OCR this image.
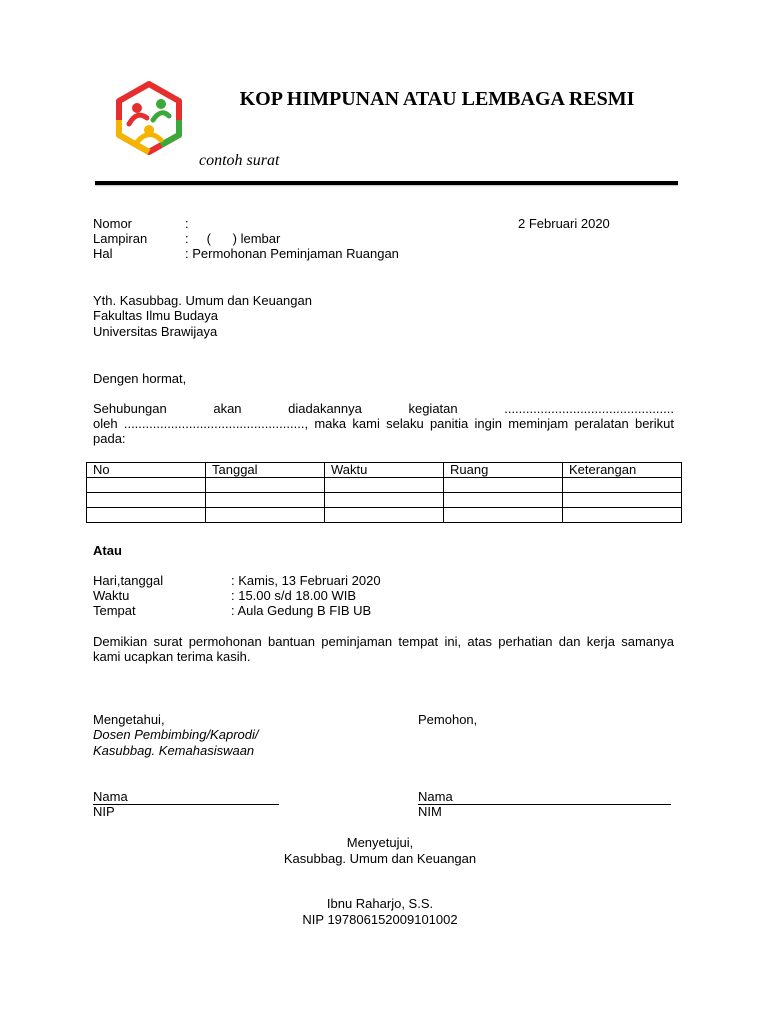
KOP HIMPUNAN ATAU LEMBAGA RESMI
contoh surat
Nomor	:	2 Februari 2020
Lampiran	:     (      ) lembar
Hal	: Permohonan Peminjaman Ruangan
Yth. Kasubbag. Umum dan Keuangan
Fakultas Ilmu Budaya
Universitas Brawijaya
Dengen hormat,
Sehubungan	akan	diadakannya	kegiatan	...............................................
oleh .................................................., maka kami selaku panitia ingin meminjam peralatan berikut pada:
No	Tanggal	Waktu	Ruang	Keterangan

Atau
Hari,tanggal	: Kamis, 13 Februari 2020
Waktu	: 15.00 s/d 18.00 WIB
Tempat	: Aula Gedung B FIB UB
Demikian surat permohonan bantuan peminjaman tempat ini, atas perhatian dan kerja samanya kami ucapkan terima kasih.
Mengetahui,
Dosen Pembimbing/Kaprodi/
Kasubbag. Kemahasiswaan
Pemohon,
Nama
NIP
Nama
NIM
Menyetujui,
Kasubbag. Umum dan Keuangan
Ibnu Raharjo, S.S.
NIP 197806152009101002
